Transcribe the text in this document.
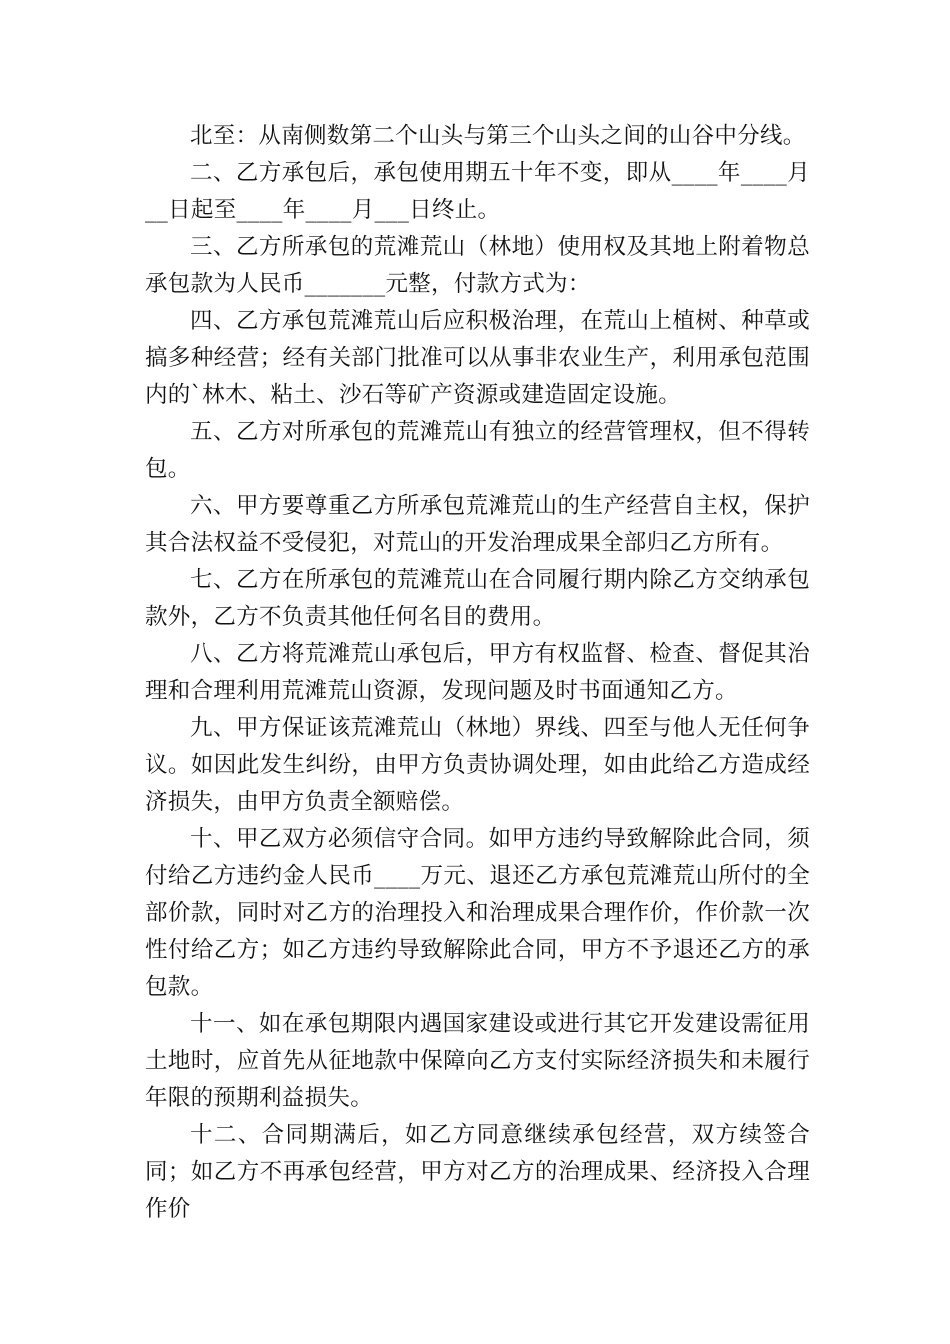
北至：从南侧数第二个山头与第三个山头之间的山谷中分线。

二、乙方承包后，承包使用期五十年不变，即从____年____月__日起至____年____月___日终止。

三、乙方所承包的荒滩荒山（林地）使用权及其地上附着物总承包款为人民币_______元整，付款方式为：

四、乙方承包荒滩荒山后应积极治理，在荒山上植树、种草或搞多种经营；经有关部门批准可以从事非农业生产，利用承包范围内的`林木、粘土、沙石等矿产资源或建造固定设施。

五、乙方对所承包的荒滩荒山有独立的经营管理权，但不得转包。

六、甲方要尊重乙方所承包荒滩荒山的生产经营自主权，保护其合法权益不受侵犯，对荒山的开发治理成果全部归乙方所有。

七、乙方在所承包的荒滩荒山在合同履行期内除乙方交纳承包款外，乙方不负责其他任何名目的费用。

八、乙方将荒滩荒山承包后，甲方有权监督、检查、督促其治理和合理利用荒滩荒山资源，发现问题及时书面通知乙方。

九、甲方保证该荒滩荒山（林地）界线、四至与他人无任何争议。如因此发生纠纷，由甲方负责协调处理，如由此给乙方造成经济损失，由甲方负责全额赔偿。

十、甲乙双方必须信守合同。如甲方违约导致解除此合同，须付给乙方违约金人民币____万元、退还乙方承包荒滩荒山所付的全部价款，同时对乙方的治理投入和治理成果合理作价，作价款一次性付给乙方；如乙方违约导致解除此合同，甲方不予退还乙方的承包款。

十一、如在承包期限内遇国家建设或进行其它开发建设需征用土地时，应首先从征地款中保障向乙方支付实际经济损失和未履行年限的预期利益损失。

十二、合同期满后，如乙方同意继续承包经营，双方续签合同；如乙方不再承包经营，甲方对乙方的治理成果、经济投入合理作价
